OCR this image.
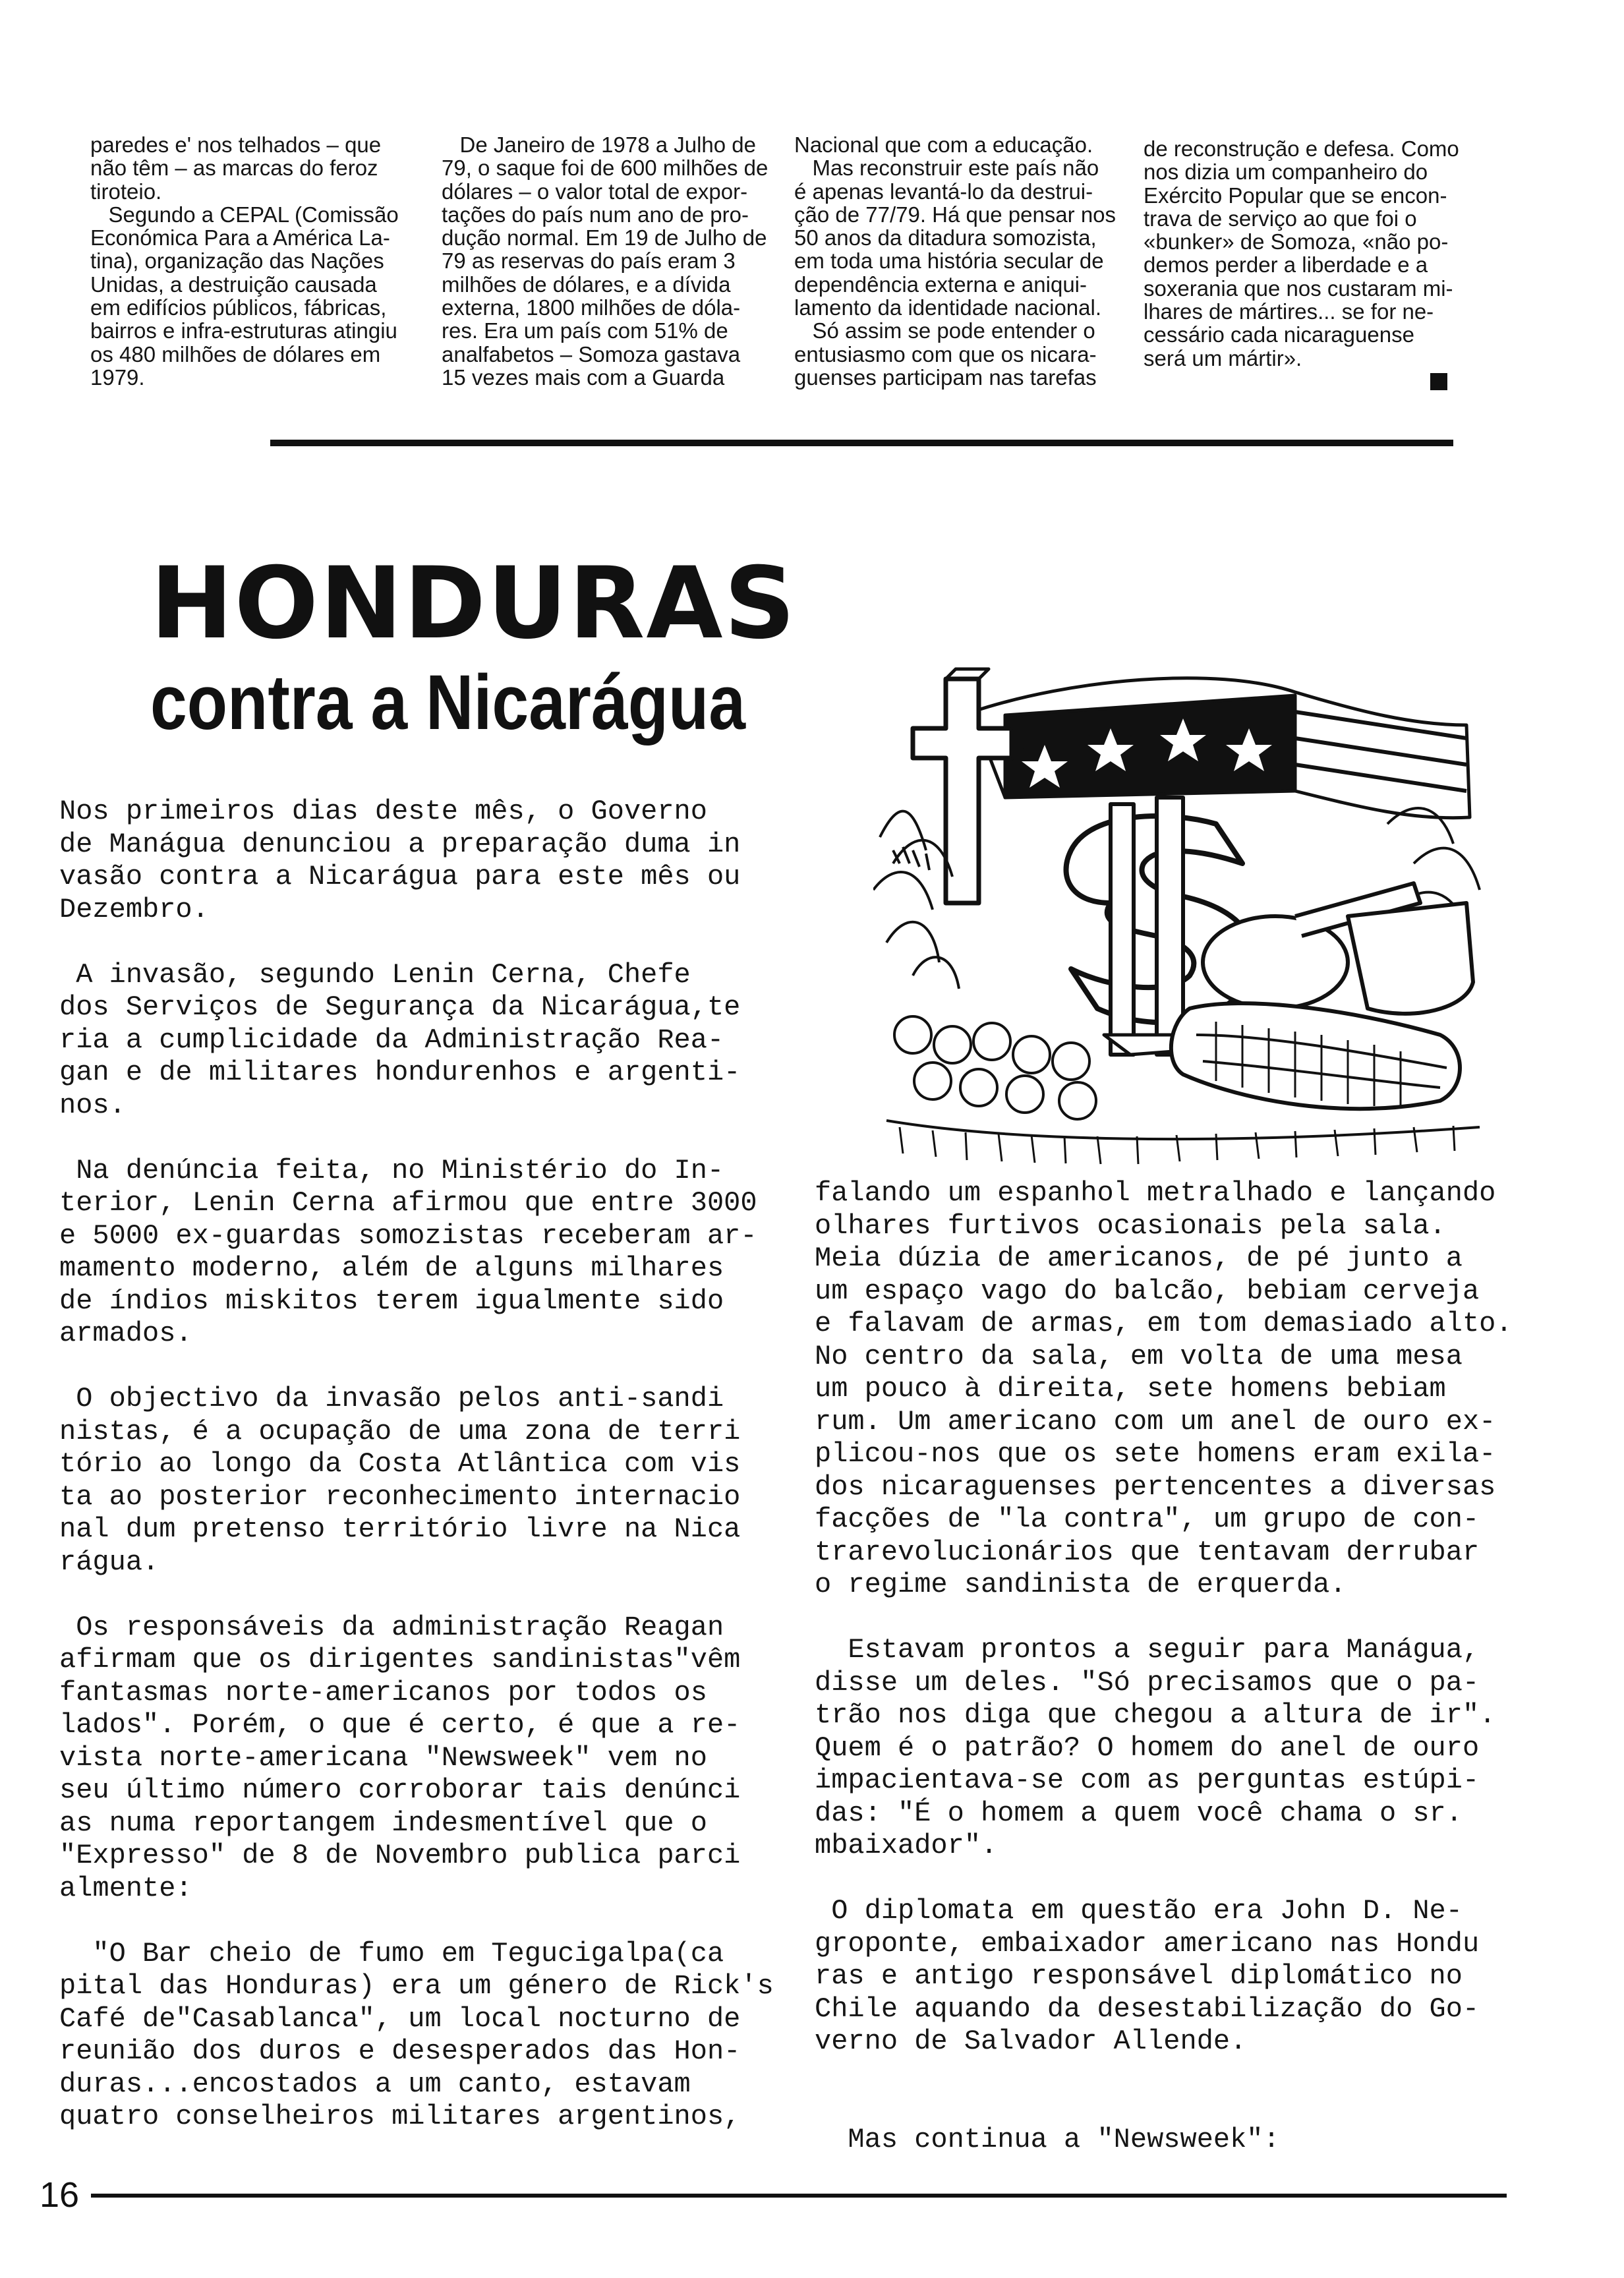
paredes e' nos telhados – que
não têm – as marcas do feroz
tiroteio.
Segundo a CEPAL (Comissão
Económica Para a América La-
tina), organização das Nações
Unidas, a destruição causada
em edifícios públicos, fábricas,
bairros e infra-estruturas atingiu
os 480 milhões de dólares em
1979.
De Janeiro de 1978 a Julho de
79, o saque foi de 600 milhões de
dólares – o valor total de expor-
tações do país num ano de pro-
dução normal. Em 19 de Julho de
79 as reservas do país eram 3
milhões de dólares, e a dívida
externa, 1800 milhões de dóla-
res. Era um país com 51% de
analfabetos – Somoza gastava
15 vezes mais com a Guarda
Nacional que com a educação.
Mas reconstruir este país não
é apenas levantá-lo da destrui-
ção de 77/79. Há que pensar nos
50 anos da ditadura somozista,
em toda uma história secular de
dependência externa e aniqui-
lamento da identidade nacional.
Só assim se pode entender o
entusiasmo com que os nicara-
guenses participam nas tarefas
de reconstrução e defesa. Como
nos dizia um companheiro do
Exército Popular que se encon-
trava de serviço ao que foi o
«bunker» de Somoza, «não po-
demos perder a liberdade e a
soxerania que nos custaram mi-
lhares de mártires... se for ne-
cessário cada nicaraguense
será um mártir».
HONDURAS
contra a Nicarágua
Nos primeiros dias deste mês, o Governo
de Manágua denunciou a preparação duma in
vasão contra a Nicarágua para este mês ou
Dezembro.

A invasão, segundo Lenin Cerna, Chefe
dos Serviços de Segurança da Nicarágua,te
ria a cumplicidade da Administração Rea-
gan e de militares hondurenhos e argenti-
nos.

Na denúncia feita, no Ministério do In-
terior, Lenin Cerna afirmou que entre 3000
e 5000 ex-guardas somozistas receberam ar-
mamento moderno, além de alguns milhares
de índios miskitos terem igualmente sido
armados.

O objectivo da invasão pelos anti-sandi
nistas, é a ocupação de uma zona de terri
tório ao longo da Costa Atlântica com vis
ta ao posterior reconhecimento internacio
nal dum pretenso território livre na Nica
rágua.

Os responsáveis da administração Reagan
afirmam que os dirigentes sandinistas"vêm
fantasmas norte-americanos por todos os
lados". Porém, o que é certo, é que a re-
vista norte-americana "Newsweek" vem no
seu último número corroborar tais denúnci
as numa reportangem indesmentível que o
"Expresso" de 8 de Novembro publica parci
almente:

"O Bar cheio de fumo em Tegucigalpa(ca
pital das Honduras) era um género de Rick's
Café de"Casablanca", um local nocturno de
reunião dos duros e desesperados das Hon-
duras...encostados a um canto, estavam
quatro conselheiros militares argentinos,
falando um espanhol metralhado e lançando
olhares furtivos ocasionais pela sala.
Meia dúzia de americanos, de pé junto a
um espaço vago do balcão, bebiam cerveja
e falavam de armas, em tom demasiado alto.
No centro da sala, em volta de uma mesa
um pouco à direita, sete homens bebiam
rum. Um americano com um anel de ouro ex-
plicou-nos que os sete homens eram exila-
dos nicaraguenses pertencentes a diversas
facções de "la contra", um grupo de con-
trarevolucionários que tentavam derrubar
o regime sandinista de erquerda.

Estavam prontos a seguir para Manágua,
disse um deles. "Só precisamos que o pa-
trão nos diga que chegou a altura de ir".
Quem é o patrão? O homem do anel de ouro
impacientava-se com as perguntas estúpi-
das: "É o homem a quem você chama o sr.
mbaixador".

O diplomata em questão era John D. Ne-
groponte, embaixador americano nas Hondu
ras e antigo responsável diplomático no
Chile aquando da desestabilização do Go-
verno de Salvador Allende.

Mas continua a "Newsweek":
16
